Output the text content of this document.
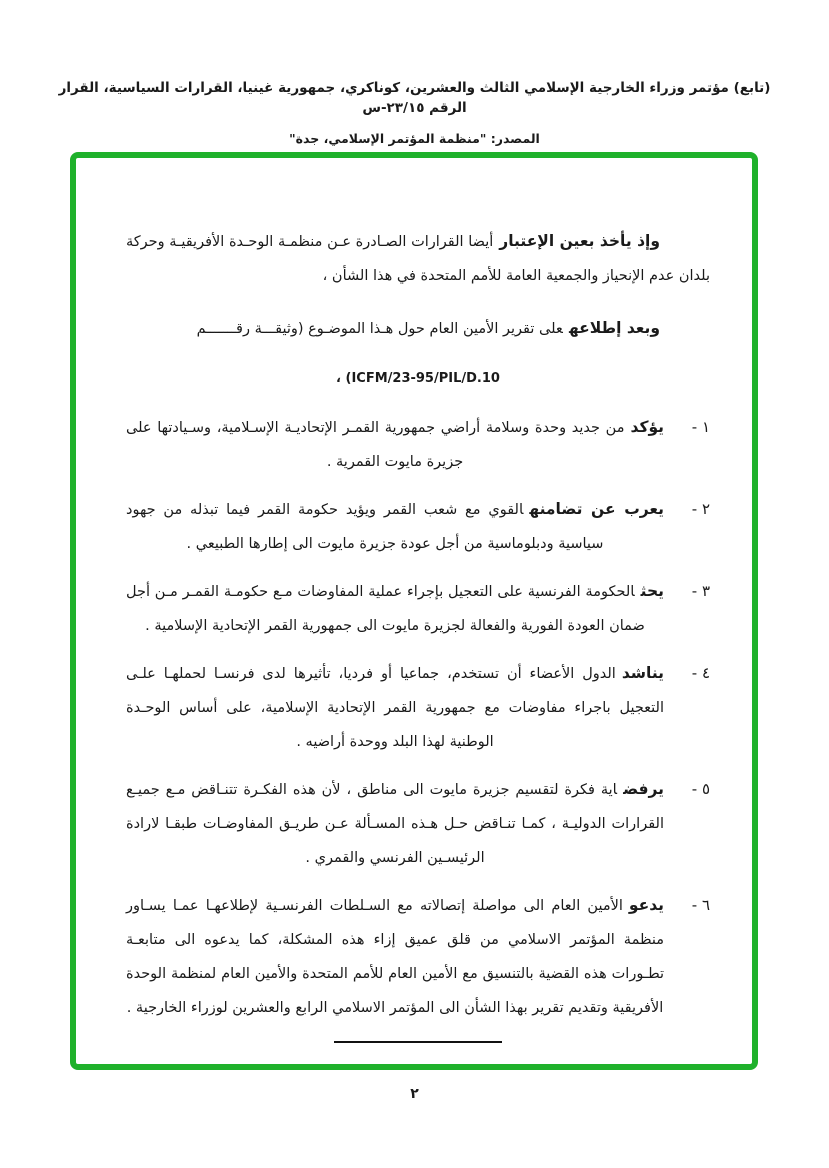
(تابع) مؤتمر وزراء الخارجية الإسلامي الثالث والعشرين، كوناكري، جمهورية غينيا، القرارات السياسية، القرار الرقم ٢٣/١٥-س
المصدر: "منظمة المؤتمر الإسلامي، جدة"

وإذ يأخذ بعين الإعتبارأيضا القرارات الصـادرة عـن منظمـة الوحـدة الأفريقيـة وحركة بلدان عدم الإنحياز والجمعية العامة للأمم المتحدة في هذا الشأن ،

وبعد إطلاعهعلى تقرير الأمين العام حول هـذا الموضـوع (وثيقـــة رقـــــــم

، (ICFM/23-95/PIL/D.10
١ -

يؤكدمن جديد وحدة وسلامة أراضي جمهورية القمـر الإتحاديـة الإسـلامية، وسـيادتها على جزيرة مايوت القمرية .

٢ -

يعرب عن تضامنهالقوي مع شعب القمر ويؤيد حكومة القمر فيما تبذله من جهود سياسية ودبلوماسية من أجل عودة جزيرة مايوت الى إطارها الطبيعي .

٣ -

يحثالحكومة الفرنسية على التعجيل بإجراء عملية المفاوضات مـع حكومـة القمـر مـن أجل ضمان العودة الفورية والفعالة لجزيرة مايوت الى جمهورية القمر الإتحادية الإسلامية .

٤ -

يناشدالدول الأعضاء أن تستخدم، جماعيا أو فرديا، تأثيرها لدى فرنسـا لحملهـا علـى التعجيل باجراء مفاوضات مع جمهورية القمر الإتحادية الإسلامية، على أساس الوحـدة الوطنية لهذا البلد ووحدة أراضيه .

٥ -

يرفضاية فكرة لتقسيم جزيرة مايوت الى مناطق ، لأن هذه الفكـرة تتنـاقض مـع جميـع القرارات الدوليـة ، كمـا تنـاقض حـل هـذه المسـألة عـن طريـق المفاوضـات طبقـا لارادة الرئيسـين الفرنسي والقمري .

٦ -

يدعوالأمين العام الى مواصلة إتصالاته مع السـلطات الفرنسـية لإطلاعهـا عمـا يسـاور منظمة المؤتمر الاسلامي من قلق عميق إزاء هذه المشكلة، كما يدعوه الى متابعـة تطـورات هذه القضية بالتنسيق مع الأمين العام للأمم المتحدة والأمين العام لمنظمة الوحدة الأفريقية وتقديم تقرير بهذا الشأن الى المؤتمر الاسلامي الرابع والعشرين لوزراء الخارجية .

٢
